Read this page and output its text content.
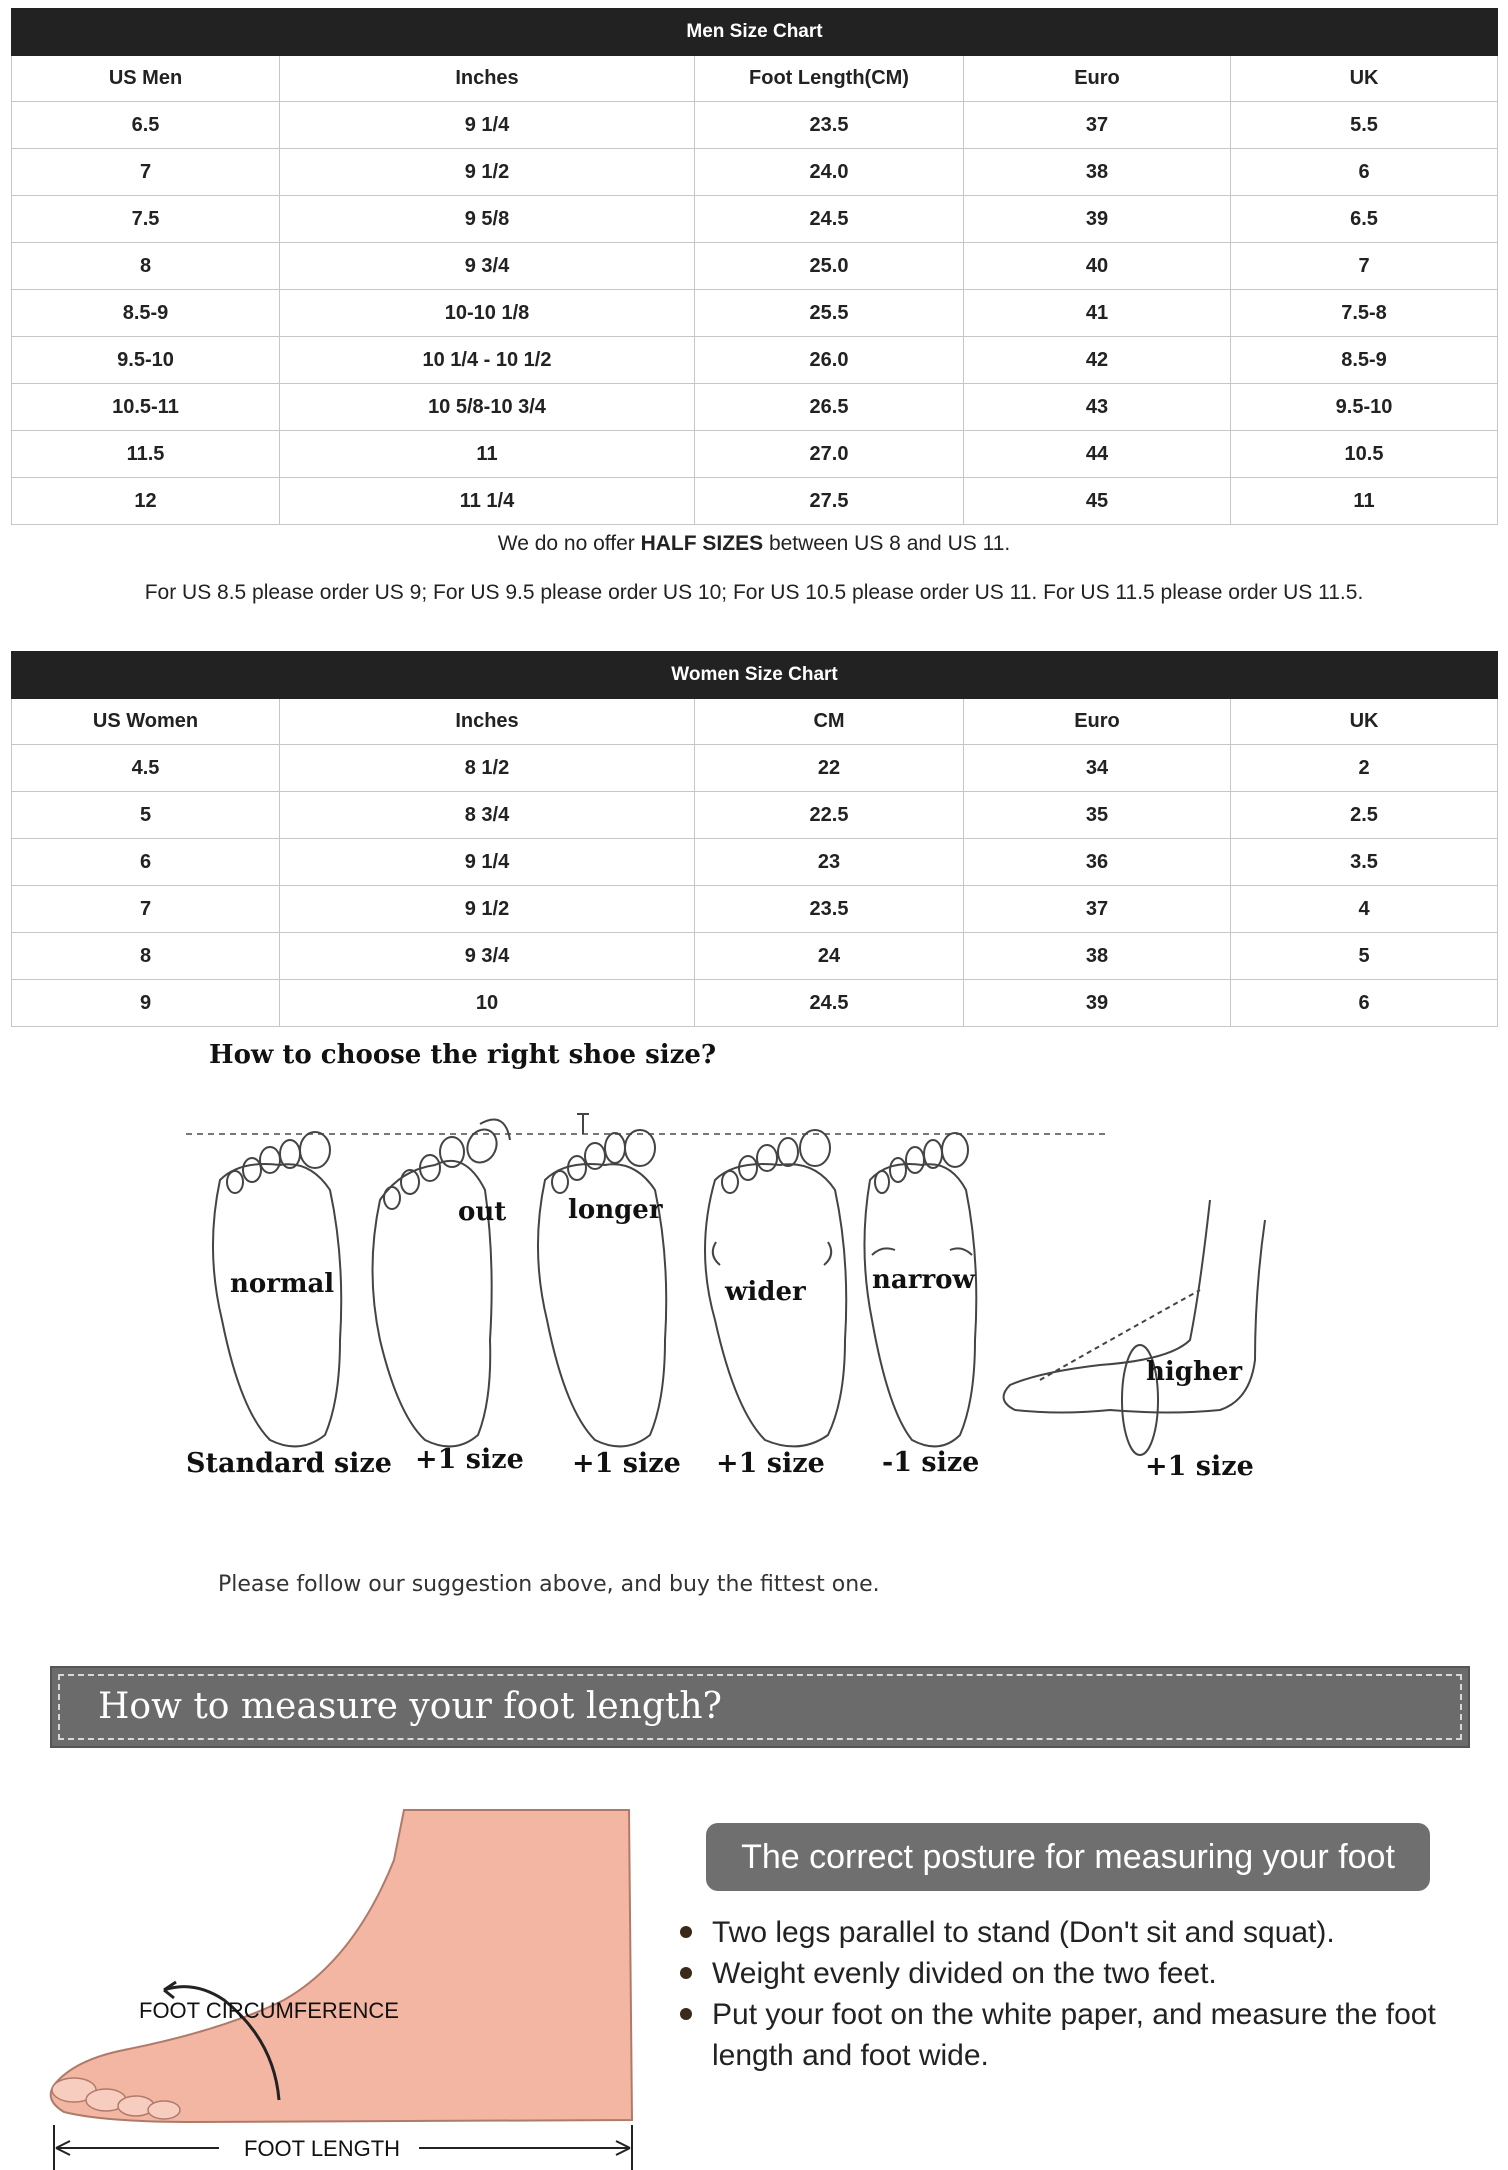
Men Size Chart				
US Men	Inches	Foot Length(CM)	Euro	UK
6.5	9 1/4	23.5	37	5.5
7	9 1/2	24.0	38	6
7.5	9 5/8	24.5	39	6.5
8	9 3/4	25.0	40	7
8.5-9	10-10 1/8	25.5	41	7.5-8
9.5-10	10 1/4 - 10 1/2	26.0	42	8.5-9
10.5-11	10 5/8-10 3/4	26.5	43	9.5-10
11.5	11	27.0	44	10.5
12	11 1/4	27.5	45	11
We do no offer HALF SIZES between US 8 and US 11.
For US 8.5 please order US 9; For US 9.5 please order US 10; For US 10.5 please order US 11. For US 11.5 please order US 11.5.
Women Size Chart				
US Women	Inches	CM	Euro	UK
4.5	8 1/2	22	34	2
5	8 3/4	22.5	35	2.5
6	9 1/4	23	36	3.5
7	9 1/2	23.5	37	4
8	9 3/4	24	38	5
9	10	24.5	39	6
How to choose the right shoe size?
normal
out longer
wider	narrow
higher
Standard size +1 size +1 size +1 size -1 size	+1 size
Please follow our suggestion above, and buy the fittest one.
How to measure your foot length?
FOOT CIRCUMFERENCE
FOOT LENGTH
The correct posture for measuring your foot
Two legs parallel to stand (Don't sit and squat).
Weight evenly divided on the two feet.
Put your foot on the white paper, and measure the foot length and foot wide.
